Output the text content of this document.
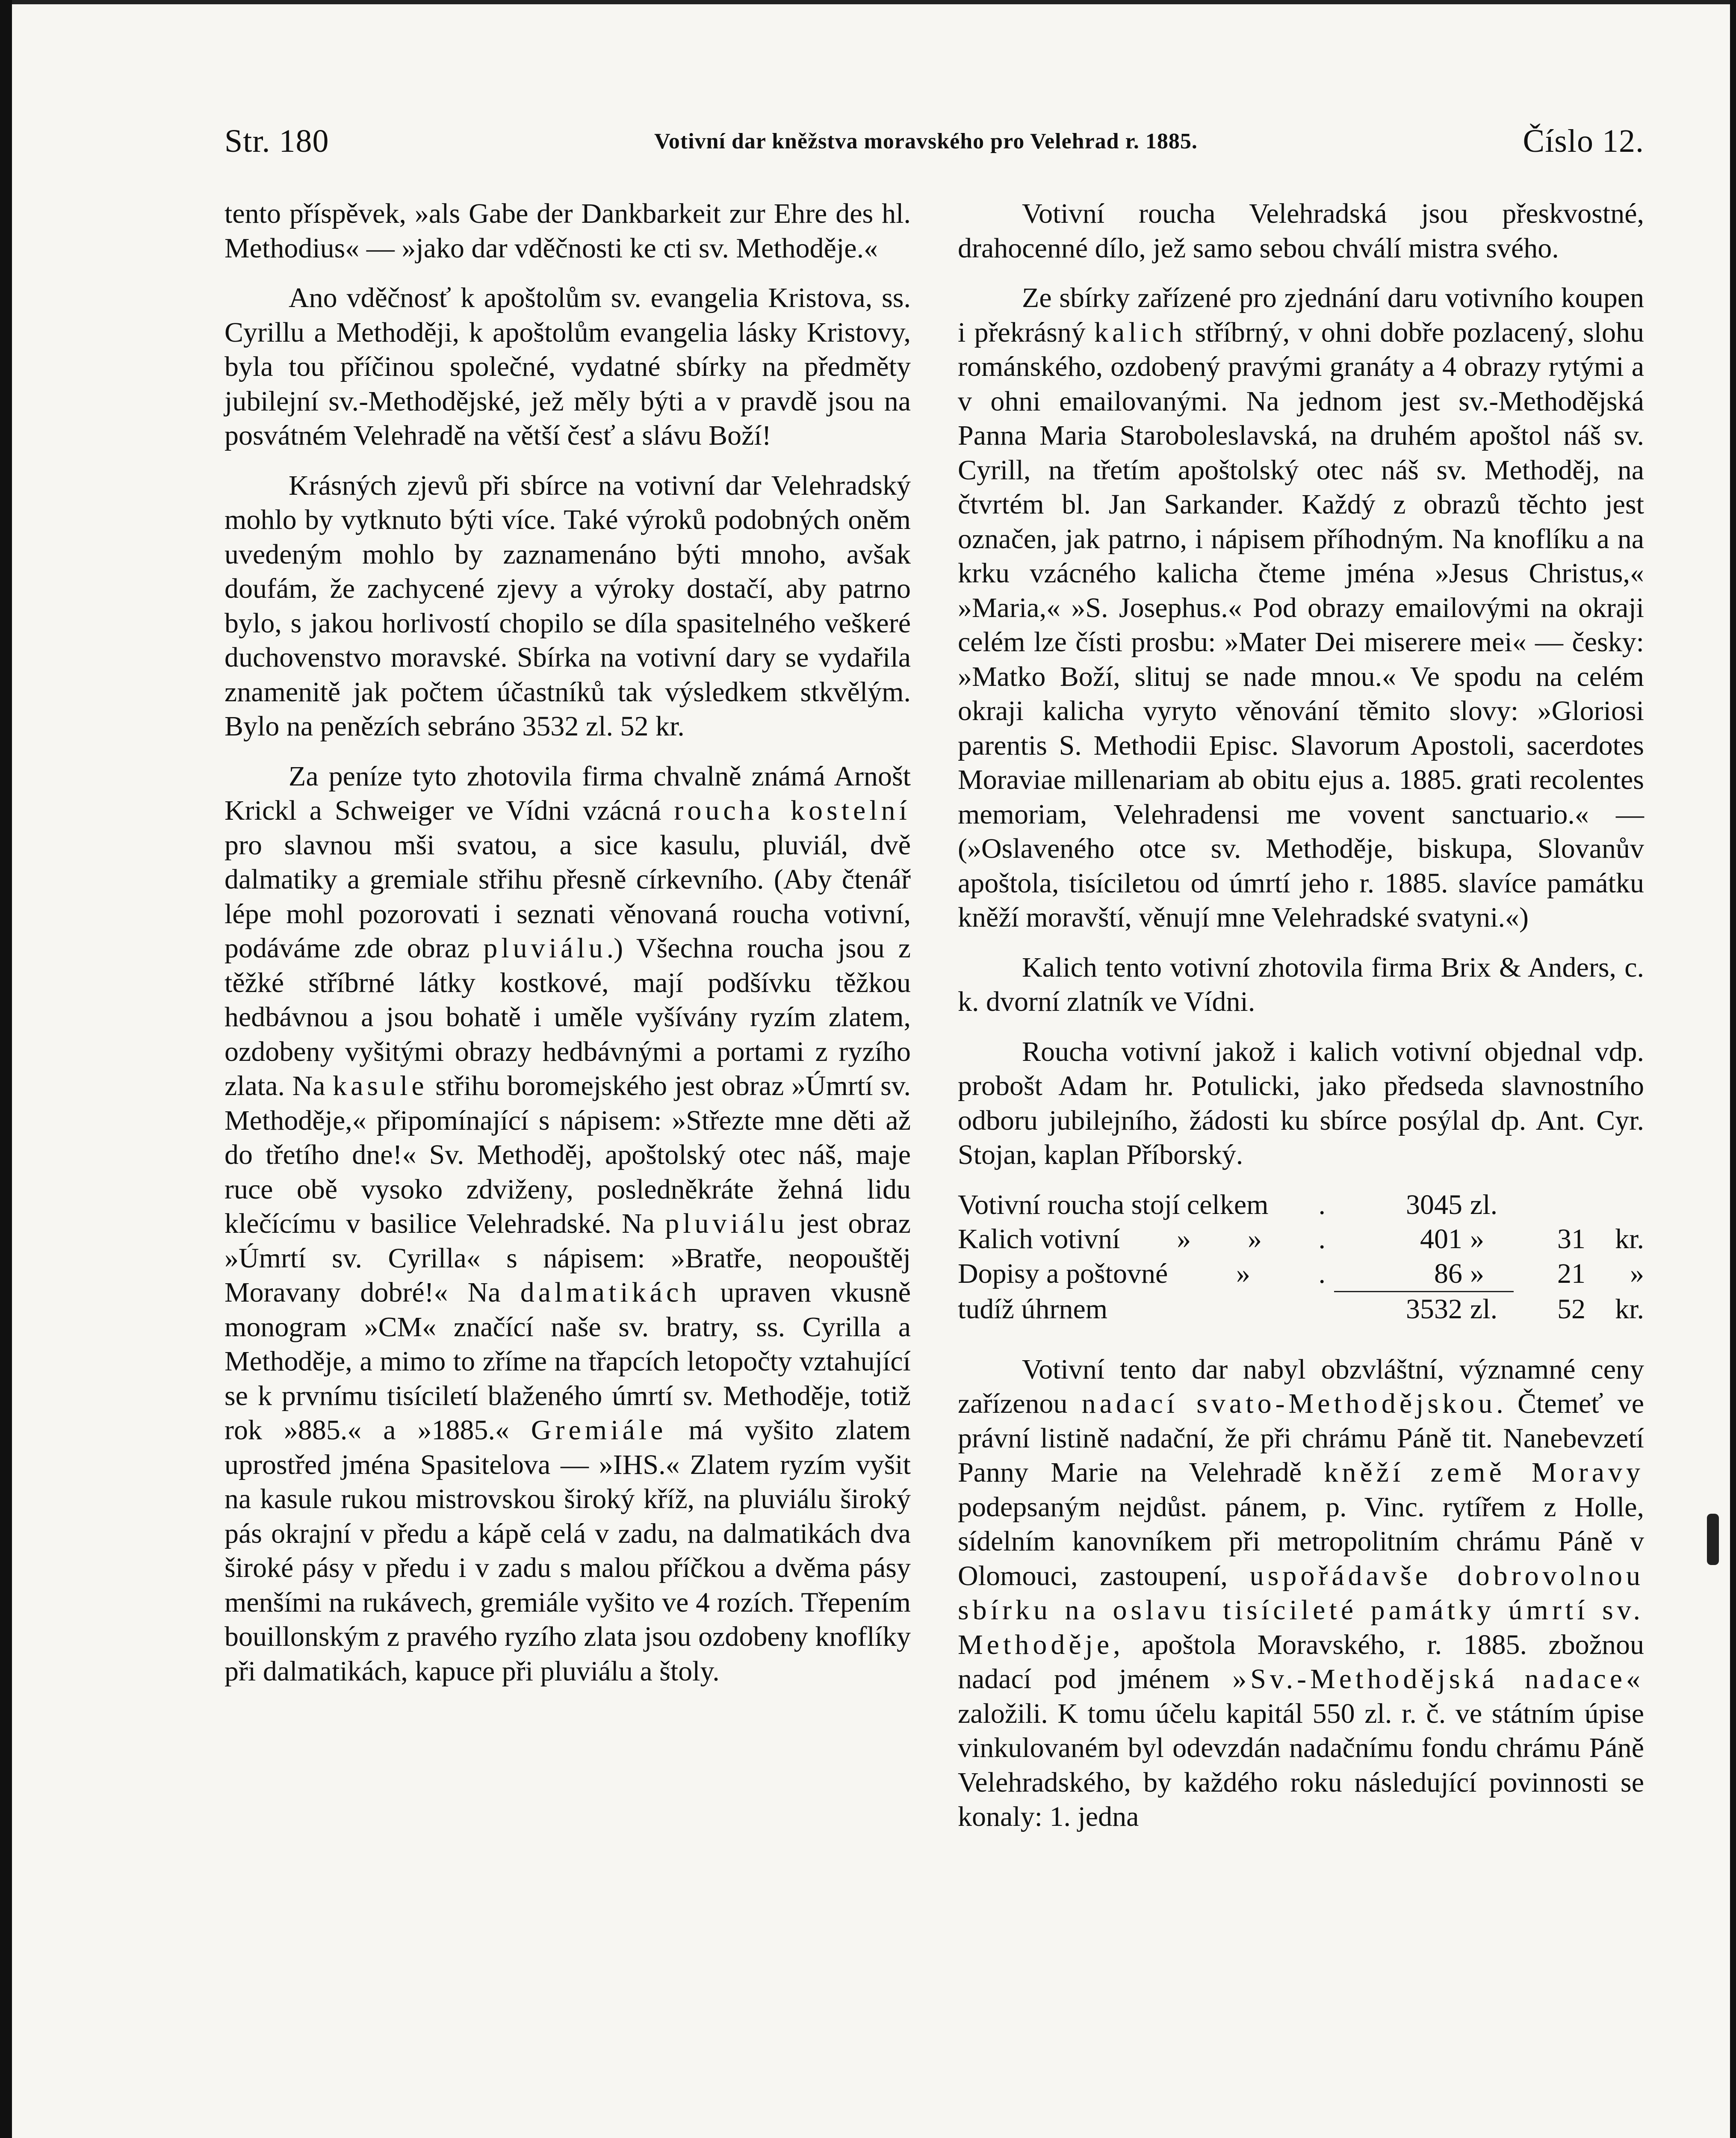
Str. 180	Votivní dar kněžstva moravského pro Velehrad r. 1885.	Číslo 12.

tento příspěvek, »als Gabe der Dankbarkeit zur Ehre des hl. Methodius« — »jako dar vděčnosti ke cti sv. Methoděje.«

Ano vděčnosť k apoštolům sv. evangelia Kristova, ss. Cyrillu a Methoději, k apoštolům evangelia lásky Kristovy, byla tou příčinou společné, vydatné sbírky na předměty jubilejní sv.-Methodějské, jež měly býti a v pravdě jsou na posvátném Velehradě na větší česť a slávu Boží!

Krásných zjevů při sbírce na votivní dar Velehradský mohlo by vytknuto býti více. Také výroků podobných oněm uvedeným mohlo by zaznamenáno býti mnoho, avšak doufám, že zachycené zjevy a výroky dostačí, aby patrno bylo, s jakou horlivostí chopilo se díla spasitelného veškeré duchovenstvo moravské. Sbírka na votivní dary se vydařila znamenitě jak počtem účastníků tak výsledkem stkvělým. Bylo na penězích sebráno 3532 zl. 52 kr.

Za peníze tyto zhotovila firma chvalně známá Arnošt Krickl a Schweiger ve Vídni vzácná roucha kostelní pro slavnou mši svatou, a sice kasulu, pluviál, dvě dalmatiky a gremiale střihu přesně církevního. (Aby čtenář lépe mohl pozorovati i seznati věnovaná roucha votivní, podáváme zde obraz pluviálu.) Všechna roucha jsou z těžké stříbrné látky kostkové, mají podšívku těžkou hedbávnou a jsou bohatě i uměle vyšívány ryzím zlatem, ozdobeny vyšitými obrazy hedbávnými a portami z ryzího zlata. Na kasule střihu boromejského jest obraz »Úmrtí sv. Methoděje,« připomínající s nápisem: »Střezte mne děti až do třetího dne!« Sv. Methoděj, apoštolský otec náš, maje ruce obě vysoko zdviženy, posledněkráte žehná lidu klečícímu v basilice Velehradské. Na pluviálu jest obraz »Úmrtí sv. Cyrilla« s nápisem: »Bratře, neopouštěj Moravany dobré!« Na dalmatikách upraven vkusně monogram »CM« značící naše sv. bratry, ss. Cyrilla a Methoděje, a mimo to zříme na třapcích letopočty vztahující se k prvnímu tisíciletí blaženého úmrtí sv. Methoděje, totiž rok »885.« a »1885.« Gremiále má vyšito zlatem uprostřed jména Spasitelova — »IHS.« Zlatem ryzím vyšit na kasule rukou mistrovskou široký kříž, na pluviálu široký pás okrajní v předu a kápě celá v zadu, na dalmatikách dva široké pásy v předu i v zadu s malou příčkou a dvěma pásy menšími na rukávech, gremiále vyšito ve 4 rozích. Třepením bouillonským z pravého ryzího zlata jsou ozdobeny knoflíky při dalmatikách, kapuce při pluviálu a štoly.

Votivní roucha Velehradská jsou přeskvostné, drahocenné dílo, jež samo sebou chválí mistra svého.

Ze sbírky zařízené pro zjednání daru votivního koupen i překrásný kalich stříbrný, v ohni dobře pozlacený, slohu románského, ozdobený pravými granáty a 4 obrazy rytými a v ohni emailovanými. Na jednom jest sv.-Methodějská Panna Maria Staroboleslavská, na druhém apoštol náš sv. Cyrill, na třetím apoštolský otec náš sv. Methoděj, na čtvrtém bl. Jan Sarkander. Každý z obrazů těchto jest označen, jak patrno, i nápisem příhodným. Na knoflíku a na krku vzácného kalicha čteme jména »Jesus Christus,« »Maria,« »S. Josephus.« Pod obrazy emailovými na okraji celém lze čísti prosbu: »Mater Dei miserere mei« — česky: »Matko Boží, slituj se nade mnou.« Ve spodu na celém okraji kalicha vyryto věnování těmito slovy: »Gloriosi parentis S. Methodii Episc. Slavorum Apostoli, sacerdotes Moraviae millenariam ab obitu ejus a. 1885. grati recolentes memoriam, Velehradensi me vovent sanctuario.« — (»Oslaveného otce sv. Methoděje, biskupa, Slovanův apoštola, tisíciletou od úmrtí jeho r. 1885. slavíce památku kněží moravští, věnují mne Velehradské svatyni.«)

Kalich tento votivní zhotovila firma Brix & Anders, c. k. dvorní zlatník ve Vídni.

Roucha votivní jakož i kalich votivní objednal vdp. probošt Adam hr. Potulicki, jako předseda slavnostního odboru jubilejního, žádosti ku sbírce posýlal dp. Ant. Cyr. Stojan, kaplan Příborský.

Votivní roucha stojí celkem .	3045 zl.
Kalich votivní » » .	401 »	31	kr.
Dopisy a poštovné » .	86 »	21	»
tudíž úhrnem	3532 zl.	52	kr.

Votivní tento dar nabyl obzvláštní, významné ceny zařízenou nadací svato-Methodějskou. Čtemeť ve právní listině nadační, že při chrámu Páně tit. Nanebevzetí Panny Marie na Velehradě kněží země Moravy podepsaným nejdůst. pánem, p. Vinc. rytířem z Holle, sídelním kanovníkem při metropolitním chrámu Páně v Olomouci, zastoupení, uspořádavše dobrovolnou sbírku na oslavu tisícileté památky úmrtí sv. Methoděje, apoštola Moravského, r. 1885. zbožnou nadací pod jménem »Sv.-Methodějská nadace« založili. K tomu účelu kapitál 550 zl. r. č. ve státním úpise vinkulovaném byl odevzdán nadačnímu fondu chrámu Páně Velehradského, by každého roku následující povinnosti se konaly: 1. jedna
